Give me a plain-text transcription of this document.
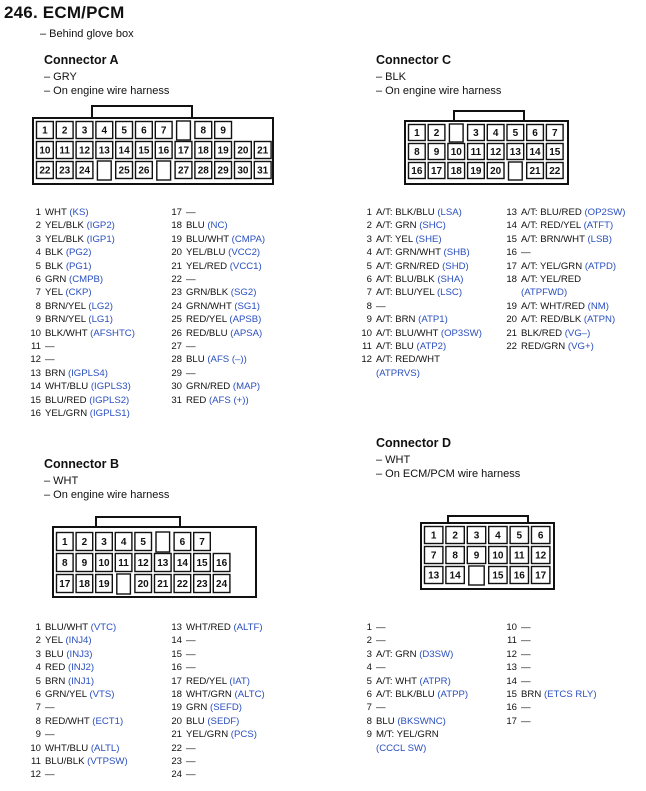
246. ECM/PCM
– Behind glove box
Connector A
– GRY
– On engine wire harness
1 2 3 4 5 6 7	8 9
10 11 12 13 14 15 16 17 18 19 20 21
22 23 24	25 26	27 28 29 30 31
1 WHT (KS)
2 YEL/BLK (IGP2)
3 YEL/BLK (IGP1)
4 BLK (PG2)
5 BLK (PG1)
6 GRN (CMPB)
7 YEL (CKP)
8 BRN/YEL (LG2)
9 BRN/YEL (LG1)
10 BLK/WHT (AFSHTC)
11 —
12 —
13 BRN (IGPLS4)
14 WHT/BLU (IGPLS3)
15 BLU/RED (IGPLS2)
16 YEL/GRN (IGPLS1)
17 —
18 BLU (NC)
19 BLU/WHT (CMPA)
20 YEL/BLU (VCC2)
21 YEL/RED (VCC1)
22 —
23 GRN/BLK (SG2)
24 GRN/WHT (SG1)
25 RED/YEL (APSB)
26 RED/BLU (APSA)
27 —
28 BLU (AFS (–))
29 —
30 GRN/RED (MAP)
31 RED (AFS (+))
Connector B
– WHT
– On engine wire harness
1 2 3 4 5	6 7
8 9 10 11 12 13 14 15 16
17 18 19	20 21 22 23 24
1 BLU/WHT (VTC)
2 YEL (INJ4)
3 BLU (INJ3)
4 RED (INJ2)
5 BRN (INJ1)
6 GRN/YEL (VTS)
7 —
8 RED/WHT (ECT1)
9 —
10 WHT/BLU (ALTL)
11 BLU/BLK (VTPSW)
12 —
13 WHT/RED (ALTF)
14 —
15 —
16 —
17 RED/YEL (IAT)
18 WHT/GRN (ALTC)
19 GRN (SEFD)
20 BLU (SEDF)
21 YEL/GRN (PCS)
22 —
23 —
24 —
Connector C
– BLK
– On engine wire harness
1 2	3 4 5 6 7
8 9 10 11 12 13 14 15
16 17 18 19 20	21 22
1 A/T: BLK/BLU (LSA)
2 A/T: GRN (SHC)
3 A/T: YEL (SHE)
4 A/T: GRN/WHT (SHB)
5 A/T: GRN/RED (SHD)
6 A/T: BLU/BLK (SHA)
7 A/T: BLU/YEL (LSC)
8 —
9 A/T: BRN (ATP1)
10 A/T: BLU/WHT (OP3SW)
11 A/T: BLU (ATP2)
12 A/T: RED/WHT
(ATPRVS)
13 A/T: BLU/RED (OP2SW)
14 A/T: RED/YEL (ATFT)
15 A/T: BRN/WHT (LSB)
16 —
17 A/T: YEL/GRN (ATPD)
18 A/T: YEL/RED
(ATPFWD)
19 A/T: WHT/RED (NM)
20 A/T: RED/BLK (ATPN)
21 BLK/RED (VG–)
22 RED/GRN (VG+)
Connector D
– WHT
– On ECM/PCM wire harness
1 2 3 4 5 6
7 8 9 10 11 12
13 14	15 16 17
1 —
2 —
3 A/T: GRN (D3SW)
4 —
5 A/T: WHT (ATPR)
6 A/T: BLK/BLU (ATPP)
7 —
8 BLU (BKSWNC)
9 M/T: YEL/GRN
(CCCL SW)
10 —
11 —
12 —
13 —
14 —
15 BRN (ETCS RLY)
16 —
17 —
